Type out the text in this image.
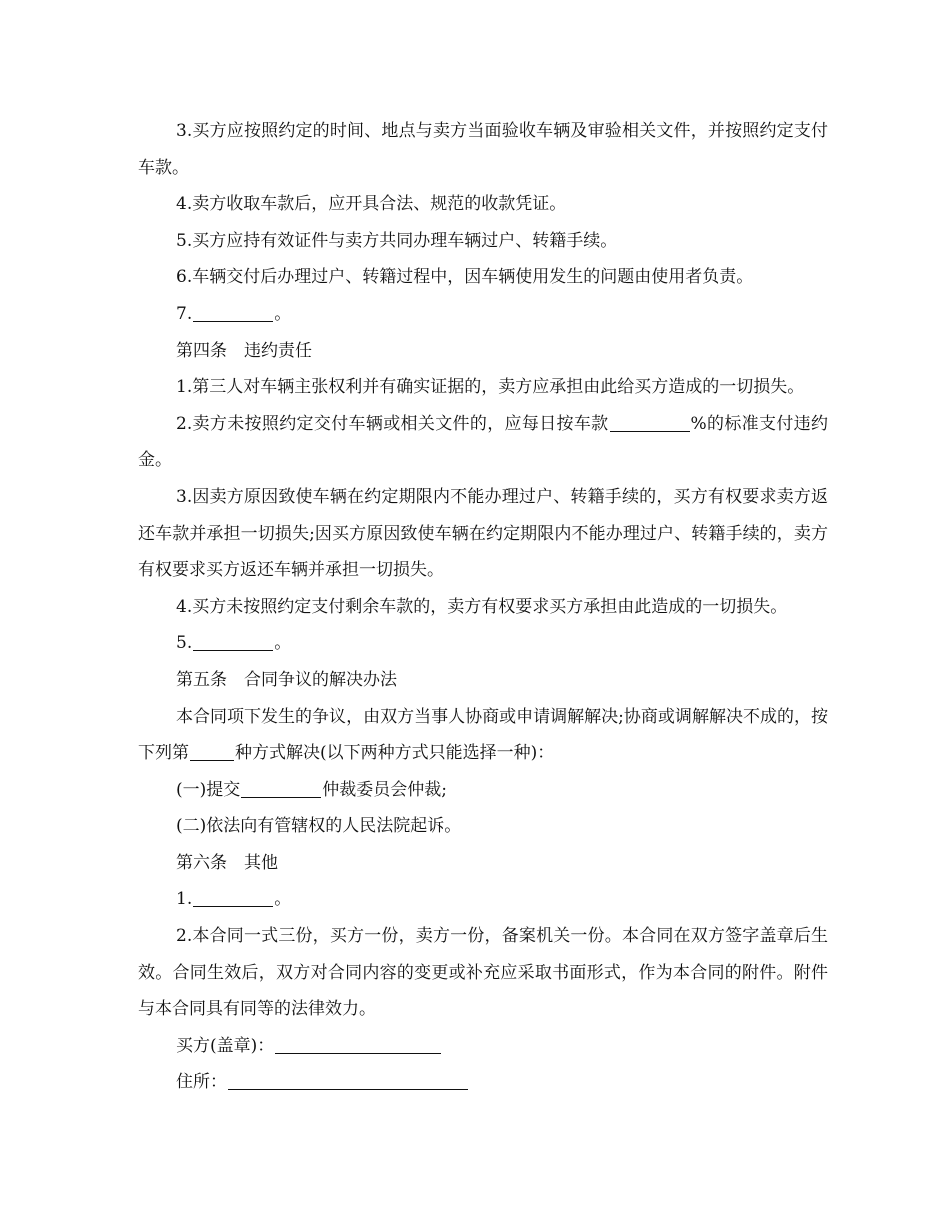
3.买方应按照约定的时间、地点与卖方当面验收车辆及审验相关文件，并按照约定支付车款。

4.卖方收取车款后，应开具合法、规范的收款凭证。

5.买方应持有效证件与卖方共同办理车辆过户、转籍手续。

6.车辆交付后办理过户、转籍过程中，因车辆使用发生的问题由使用者负责。

7.	。

第四条　违约责任

1.第三人对车辆主张权利并有确实证据的，卖方应承担由此给买方造成的一切损失。

2.卖方未按照约定交付车辆或相关文件的，应每日按车款	%的标准支付违约金。

3.因卖方原因致使车辆在约定期限内不能办理过户、转籍手续的，买方有权要求卖方返还车款并承担一切损失;因买方原因致使车辆在约定期限内不能办理过户、转籍手续的，卖方有权要求买方返还车辆并承担一切损失。

4.买方未按照约定支付剩余车款的，卖方有权要求买方承担由此造成的一切损失。

5.	。

第五条　合同争议的解决办法

本合同项下发生的争议，由双方当事人协商或申请调解解决;协商或调解解决不成的，按下列第	种方式解决(以下两种方式只能选择一种)：

(一)提交	仲裁委员会仲裁;

(二)依法向有管辖权的人民法院起诉。

第六条　其他

1.	。

2.本合同一式三份，买方一份，卖方一份，备案机关一份。本合同在双方签字盖章后生效。合同生效后，双方对合同内容的变更或补充应采取书面形式，作为本合同的附件。附件与本合同具有同等的法律效力。

买方(盖章)：

住所：
